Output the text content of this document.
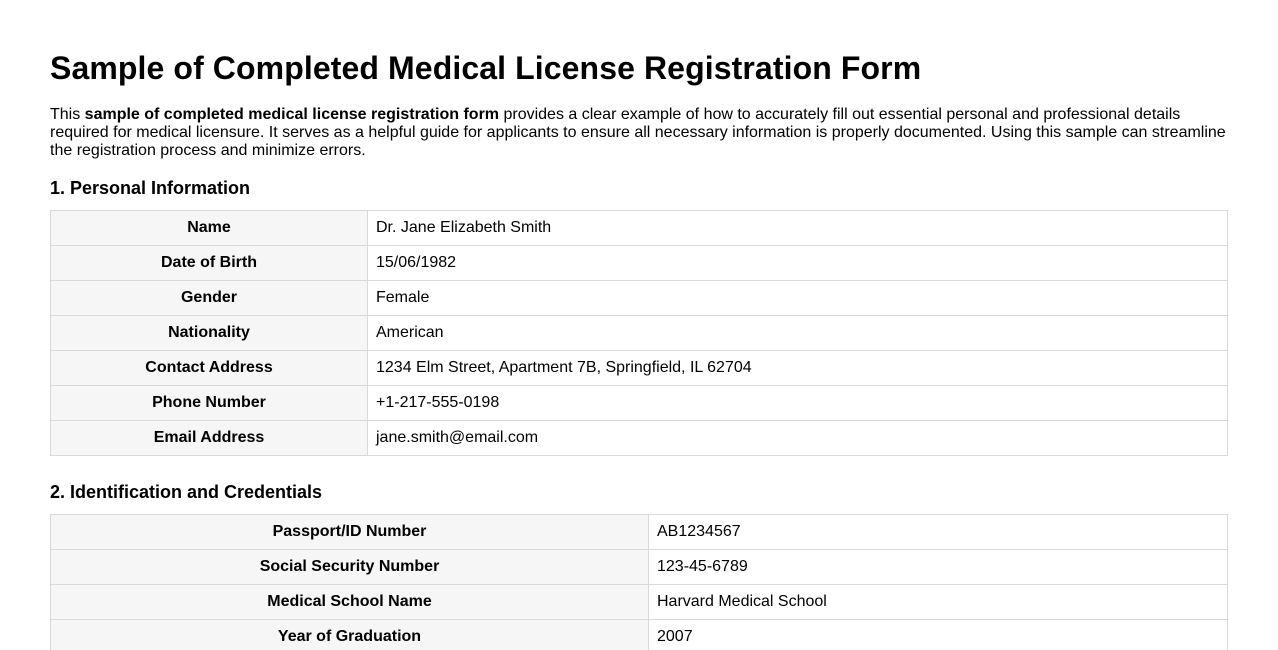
Sample of Completed Medical License Registration Form

This sample of completed medical license registration form provides a clear example of how to accurately fill out essential personal and professional details required for medical licensure. It serves as a helpful guide for applicants to ensure all necessary information is properly documented. Using this sample can streamline the registration process and minimize errors.

1. Personal Information
Name	Dr. Jane Elizabeth Smith
Date of Birth	15/06/1982
Gender	Female
Nationality	American
Contact Address	1234 Elm Street, Apartment 7B, Springfield, IL 62704
Phone Number	+1-217-555-0198
Email Address	jane.smith@email.com
2. Identification and Credentials
Passport/ID Number	AB1234567
Social Security Number	123-45-6789
Medical School Name	Harvard Medical School
Year of Graduation	2007
